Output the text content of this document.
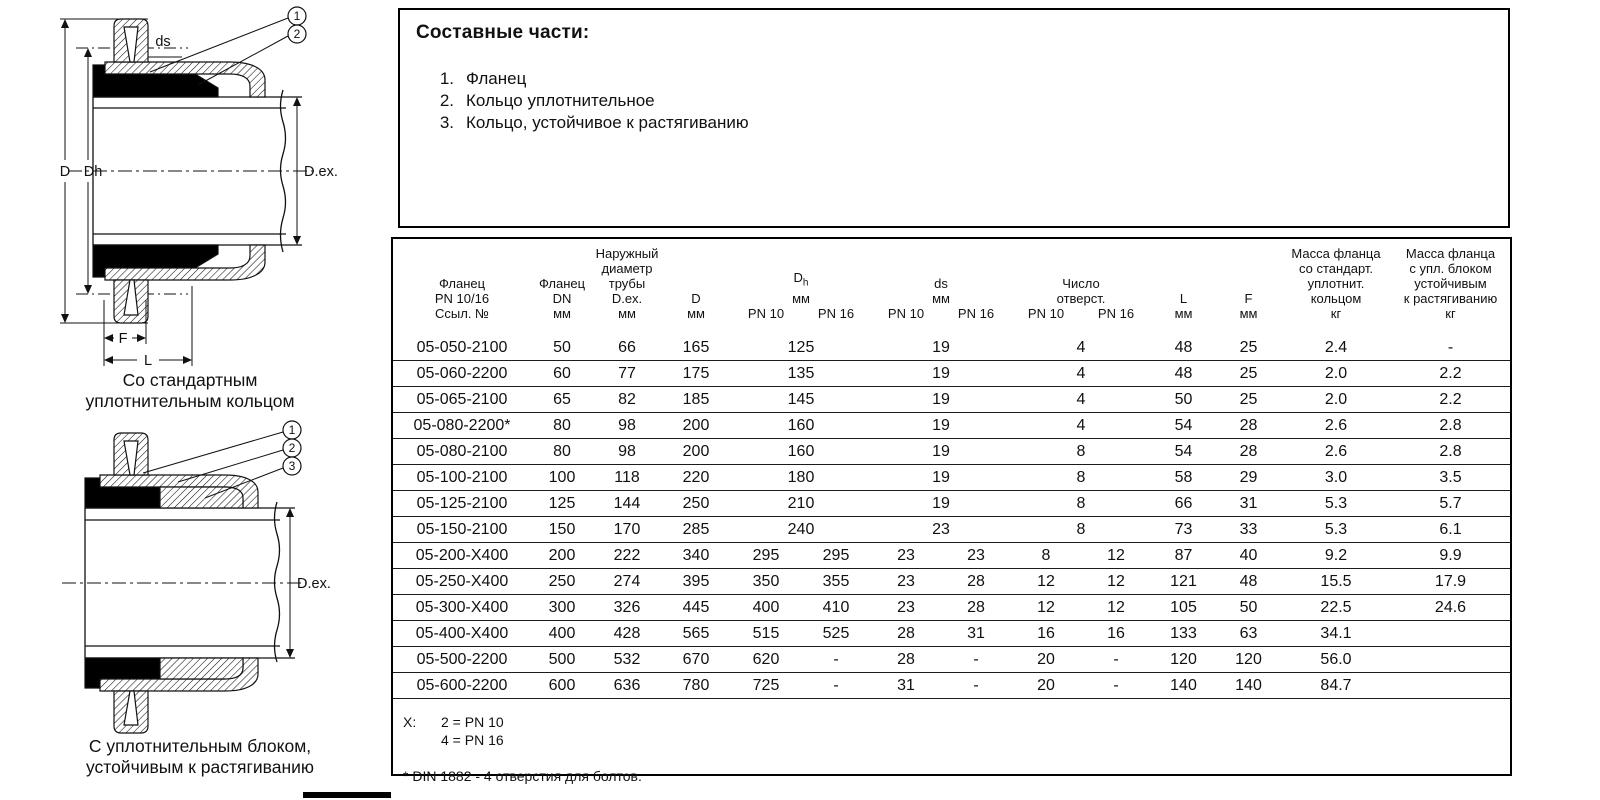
1
2
ds
D Dh	D.ex.
F
L
Со стандартным
уплотнительным кольцом
1
2
3
D.ex.
С уплотнительным блоком,
устойчивым к растягиванию
Составные части:
1. Фланец
2. Кольцо уплотнительное
3. Кольцо, устойчивое к растягиванию
Фланец
PN 10/16
Ссыл. №

Фланец
DN
мм

Наружный
диаметр
трубы
D.ex.
мм

D
мм

$D_h$
мм
PN 10	PN 16

ds
мм
PN 10	PN 16

Число
отверст.
PN 10	PN 16

L
мм

F
мм

Масса фланца
со стандарт.
уплотнит.
кольцом
кг

Масса фланца
с упл. блоком
устойчивым
к растягиванию
кг

05-050-2100	50	66	165	125		19		4		48	25	2.4	-
05-060-2200	60	77	175	135		19		4		48	25	2.0	2.2
05-065-2100	65	82	185	145		19		4		50	25	2.0	2.2
05-080-2200*	80	98	200	160		19		4		54	28	2.6	2.8
05-080-2100	80	98	200	160		19		8		54	28	2.6	2.8
05-100-2100	100	118	220	180		19		8		58	29	3.0	3.5
05-125-2100	125	144	250	210		19		8		66	31	5.3	5.7
05-150-2100	150	170	285	240		23		8		73	33	5.3	6.1
05-200-X400	200	222	340	295	295	23	23	8	12	87	40	9.2	9.9
05-250-X400	250	274	395	350	355	23	28	12	12	121	48	15.5	17.9
05-300-X400	300	326	445	400	410	23	28	12	12	105	50	22.5	24.6
05-400-X400	400	428	565	515	525	28	31	16	16	133	63	34.1	
05-500-2200	500	532	670	620	-	28	-	20	-	120	120	56.0	
05-600-2200	600	636	780	725	-	31	-	20	-	140	140	84.7	
X:	2 = PN 10
4 = PN 16
* DIN 1882 - 4 отверстия для болтов.
